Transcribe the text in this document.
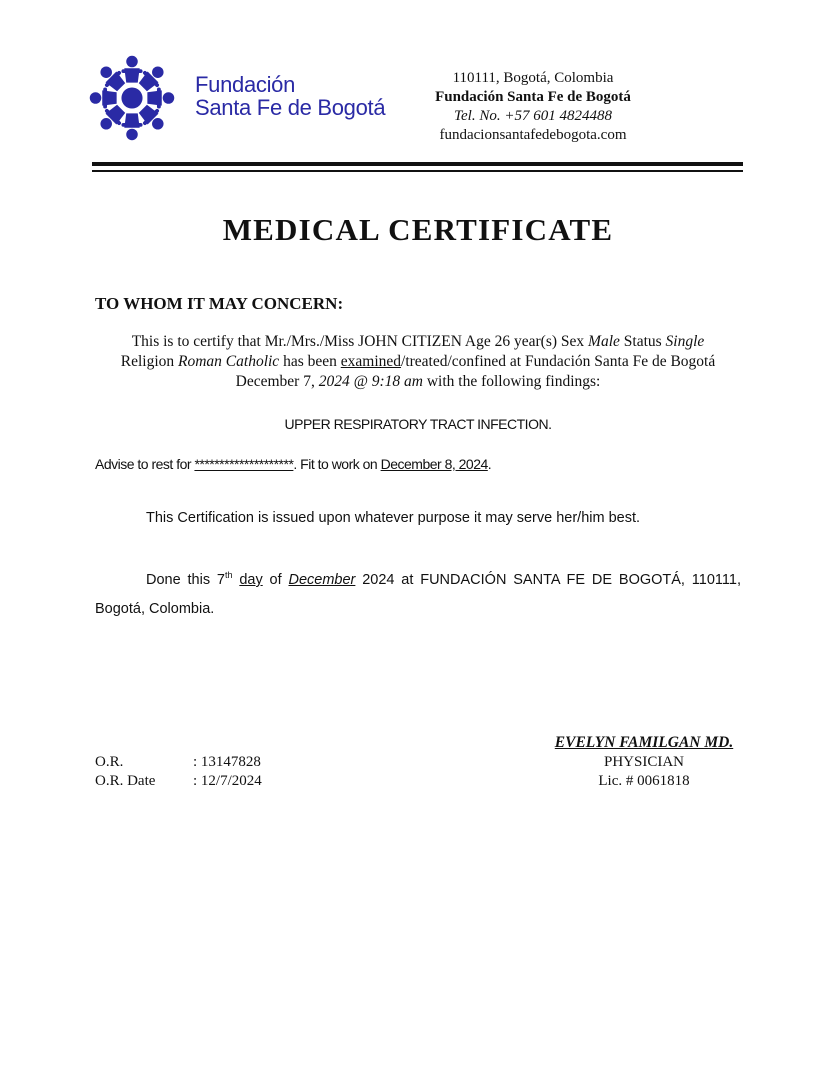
Fundación
Santa Fe de Bogotá
110111, Bogotá, Colombia
Fundación Santa Fe de Bogotá
Tel. No. +57 601 4824488
fundacionsantafedebogota.com
MEDICAL CERTIFICATE
TO WHOM IT MAY CONCERN:
This is to certify that Mr./Mrs./Miss JOHN CITIZEN Age 26 year(s) Sex Male Status Single
Religion Roman Catholic has been examined/treated/confined at Fundación Santa Fe de Bogotá
December 7, 2024 @ 9:18 am with the following findings:
UPPER RESPIRATORY TRACT INFECTION.
Advise to rest for ********************. Fit to work on December 8, 2024.
This Certification is issued upon whatever purpose it may serve her/him best.
Done this 7th day of December 2024 at FUNDACIÓN SANTA FE DE BOGOTÁ, 110111, Bogotá, Colombia.
EVELYN FAMILGAN MD.
PHYSICIAN
Lic. # 0061818
O.R.	: 13147828
O.R. Date	: 12/7/2024
